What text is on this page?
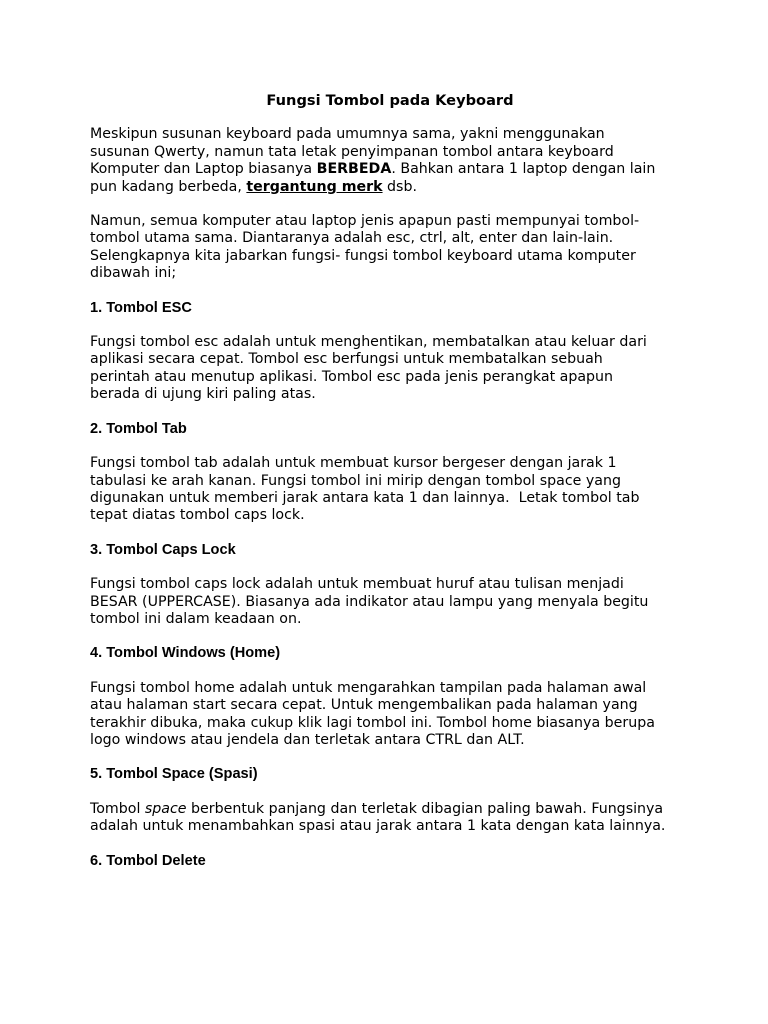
Fungsi Tombol pada Keyboard

Meskipun susunan keyboard pada umumnya sama, yakni menggunakan
susunan Qwerty, namun tata letak penyimpanan tombol antara keyboard
Komputer dan Laptop biasanya BERBEDA. Bahkan antara 1 laptop dengan lain
pun kadang berbeda, tergantung merk dsb.

Namun, semua komputer atau laptop jenis apapun pasti mempunyai tombol-
tombol utama sama. Diantaranya adalah esc, ctrl, alt, enter dan lain-lain.
Selengkapnya kita jabarkan fungsi- fungsi tombol keyboard utama komputer
dibawah ini;

1. Tombol ESC

Fungsi tombol esc adalah untuk menghentikan, membatalkan atau keluar dari
aplikasi secara cepat. Tombol esc berfungsi untuk membatalkan sebuah
perintah atau menutup aplikasi. Tombol esc pada jenis perangkat apapun
berada di ujung kiri paling atas.

2. Tombol Tab

Fungsi tombol tab adalah untuk membuat kursor bergeser dengan jarak 1
tabulasi ke arah kanan. Fungsi tombol ini mirip dengan tombol space yang
digunakan untuk memberi jarak antara kata 1 dan lainnya.  Letak tombol tab
tepat diatas tombol caps lock.

3. Tombol Caps Lock

Fungsi tombol caps lock adalah untuk membuat huruf atau tulisan menjadi
BESAR (UPPERCASE). Biasanya ada indikator atau lampu yang menyala begitu
tombol ini dalam keadaan on.

4. Tombol Windows (Home)

Fungsi tombol home adalah untuk mengarahkan tampilan pada halaman awal
atau halaman start secara cepat. Untuk mengembalikan pada halaman yang
terakhir dibuka, maka cukup klik lagi tombol ini. Tombol home biasanya berupa
logo windows atau jendela dan terletak antara CTRL dan ALT.

5. Tombol Space (Spasi)

Tombol space berbentuk panjang dan terletak dibagian paling bawah. Fungsinya
adalah untuk menambahkan spasi atau jarak antara 1 kata dengan kata lainnya.

6. Tombol Delete
